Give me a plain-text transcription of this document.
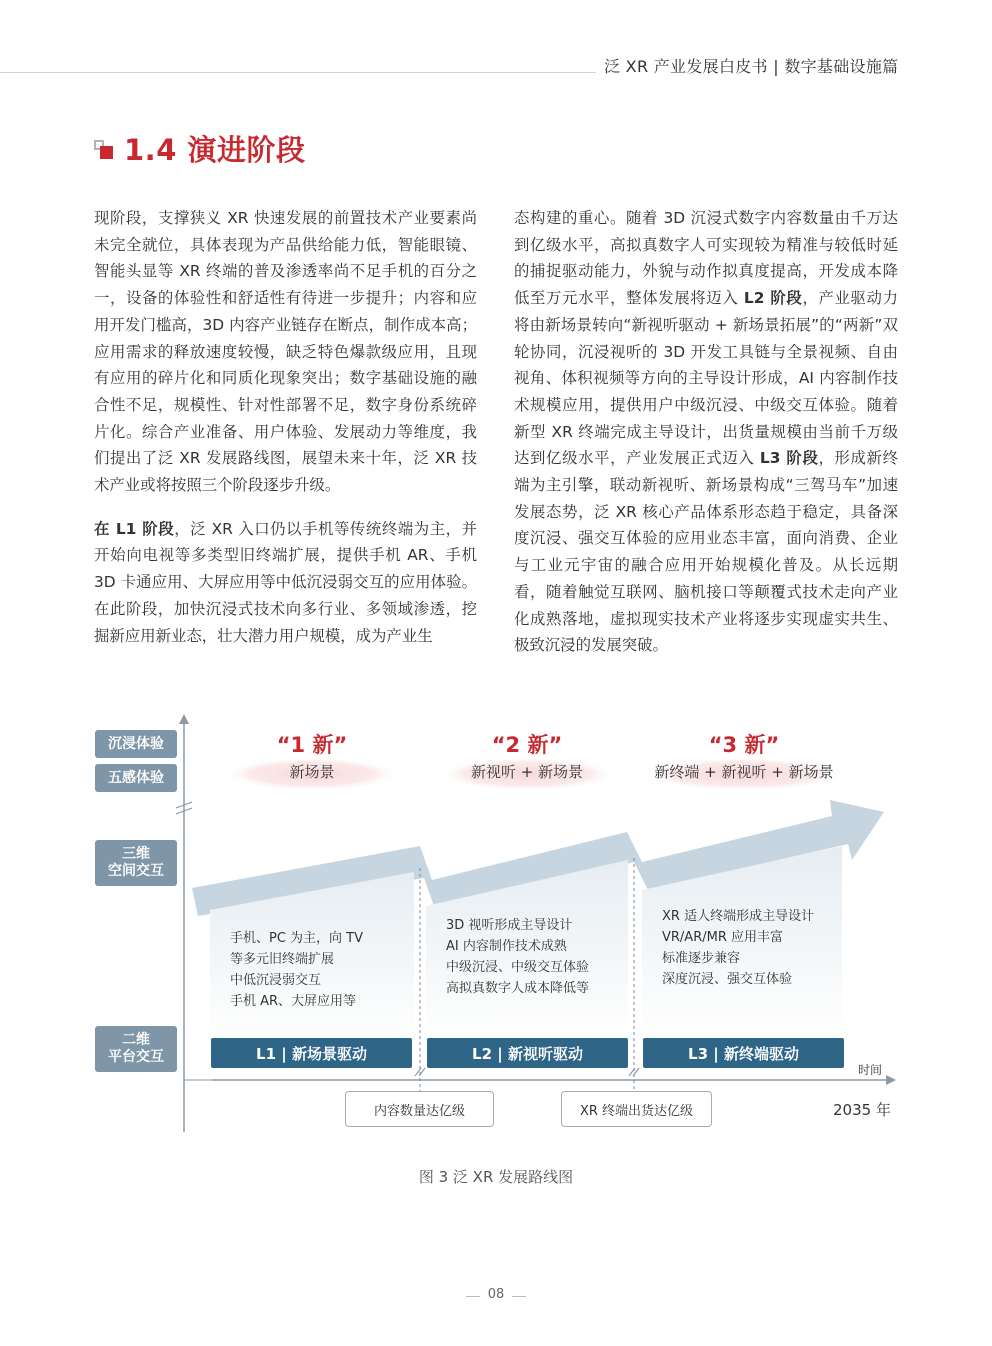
泛 XR 产业发展白皮书 | 数字基础设施篇
1.4 演进阶段

现阶段，支撑狭义 XR 快速发展的前置技术产业要素尚未完全就位，具体表现为产品供给能力低，智能眼镜、智能头显等 XR 终端的普及渗透率尚不足手机的百分之一，设备的体验性和舒适性有待进一步提升；内容和应用开发门槛高，3D 内容产业链存在断点，制作成本高；应用需求的释放速度较慢，缺乏特色爆款级应用，且现有应用的碎片化和同质化现象突出；数字基础设施的融合性不足，规模性、针对性部署不足，数字身份系统碎片化。综合产业准备、用户体验、发展动力等维度，我们提出了泛 XR 发展路线图，展望未来十年，泛 XR 技术产业或将按照三个阶段逐步升级。

在 L1 阶段，泛 XR 入口仍以手机等传统终端为主，并开始向电视等多类型旧终端扩展，提供手机 AR、手机 3D 卡通应用、大屏应用等中低沉浸弱交互的应用体验。在此阶段，加快沉浸式技术向多行业、多领域渗透，挖掘新应用新业态，壮大潜力用户规模，成为产业生

态构建的重心。随着 3D 沉浸式数字内容数量由千万达到亿级水平，高拟真数字人可实现较为精准与较低时延的捕捉驱动能力，外貌与动作拟真度提高，开发成本降低至万元水平，整体发展将迈入 L2 阶段，产业驱动力将由新场景转向“新视听驱动 + 新场景拓展”的“两新”双轮协同，沉浸视听的 3D 开发工具链与全景视频、自由视角、体积视频等方向的主导设计形成，AI 内容制作技术规模应用，提供用户中级沉浸、中级交互体验。随着新型 XR 终端完成主导设计，出货量规模由当前千万级达到亿级水平，产业发展正式迈入 L3 阶段，形成新终端为主引擎，联动新视听、新场景构成“三驾马车”加速发展态势，泛 XR 核心产品体系形态趋于稳定，具备深度沉浸、强交互体验的应用业态丰富，面向消费、企业与工业元宇宙的融合应用开始规模化普及。从长远期看，随着触觉互联网、脑机接口等颠覆式技术走向产业化成熟落地，虚拟现实技术产业将逐步实现虚实共生、极致沉浸的发展突破。

沉浸体验
五感体验
三维
空间交互
二维
平台交互
“1 新”
新场景
“2 新”
新视听 + 新场景
“3 新”
新终端 + 新视听 + 新场景
手机、PC 为主，向 TV
等多元旧终端扩展
中低沉浸弱交互
手机 AR、大屏应用等
3D 视听形成主导设计
AI 内容制作技术成熟
中级沉浸、中级交互体验
高拟真数字人成本降低等
XR 适人终端形成主导设计
VR/AR/MR 应用丰富
标准逐步兼容
深度沉浸、强交互体验
L1 | 新场景驱动	L2 | 新视听驱动	L3 | 新终端驱动
时间
内容数量达亿级	XR 终端出货达亿级	2035 年
图 3 泛 XR 发展路线图
08
